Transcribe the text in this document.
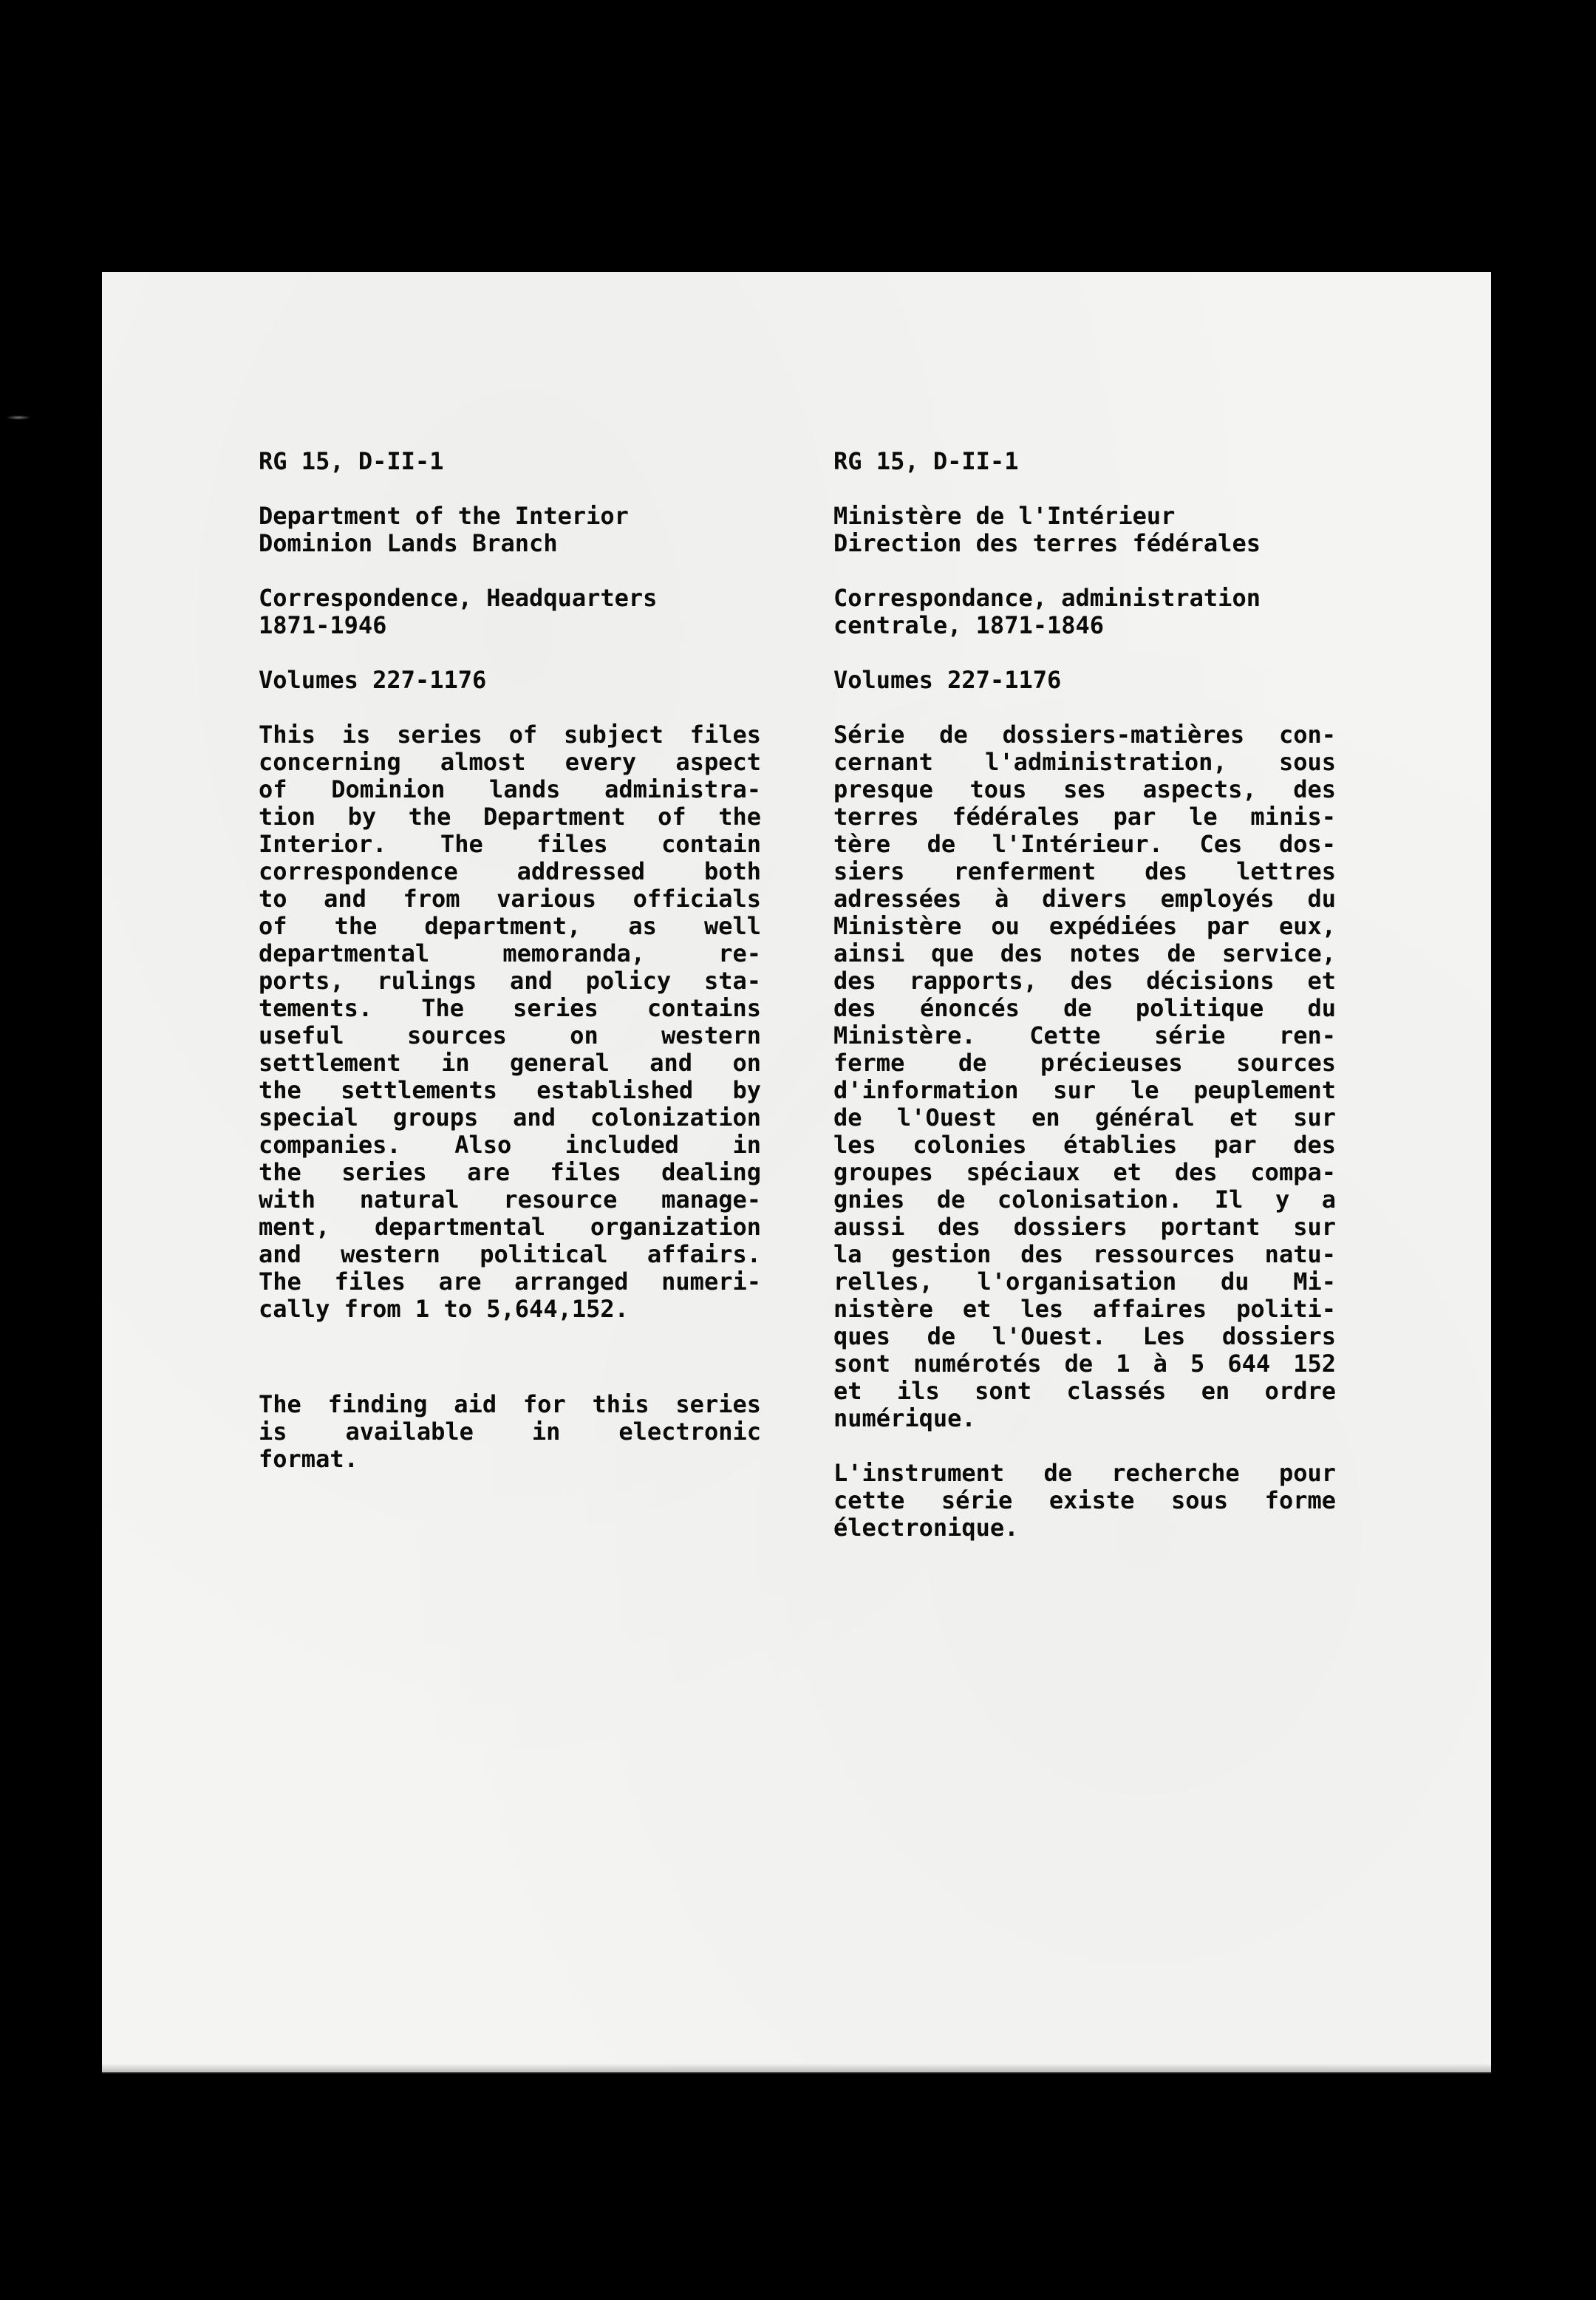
RG 15, D-II-1

Department of the Interior
Dominion Lands Branch

Correspondence, Headquarters
1871-1946

Volumes 227-1176

This is series of subject files
concerning almost every aspect
of Dominion lands administra-
tion by the Department of the
Interior. The files contain
correspondence addressed both
to and from various officials
of the department, as well
departmental memoranda, re-
ports, rulings and policy sta-
tements. The series contains
useful sources on western
settlement in general and on
the settlements established by
special groups and colonization
companies. Also included in
the series are files dealing
with natural resource manage-
ment, departmental organization
and western political affairs.
The files are arranged numeri-
cally from 1 to 5,644,152.
The finding aid for this series
is available in electronic
format.

RG 15, D-II-1

Ministère de l'Intérieur
Direction des terres fédérales

Correspondance, administration
centrale, 1871-1846

Volumes 227-1176

Série de dossiers-matières con-
cernant l'administration, sous
presque tous ses aspects, des
terres fédérales par le minis-
tère de l'Intérieur. Ces dos-
siers renferment des lettres
adressées à divers employés du
Ministère ou expédiées par eux,
ainsi que des notes de service,
des rapports, des décisions et
des énoncés de politique du
Ministère. Cette série ren-
ferme de précieuses sources
d'information sur le peuplement
de l'Ouest en général et sur
les colonies établies par des
groupes spéciaux et des compa-
gnies de colonisation. Il y a
aussi des dossiers portant sur
la gestion des ressources natu-
relles, l'organisation du Mi-
nistère et les affaires politi-
ques de l'Ouest. Les dossiers
sont numérotés de 1 à 5 644 152
et ils sont classés en ordre
numérique.
L'instrument de recherche pour
cette série existe sous forme
électronique.
